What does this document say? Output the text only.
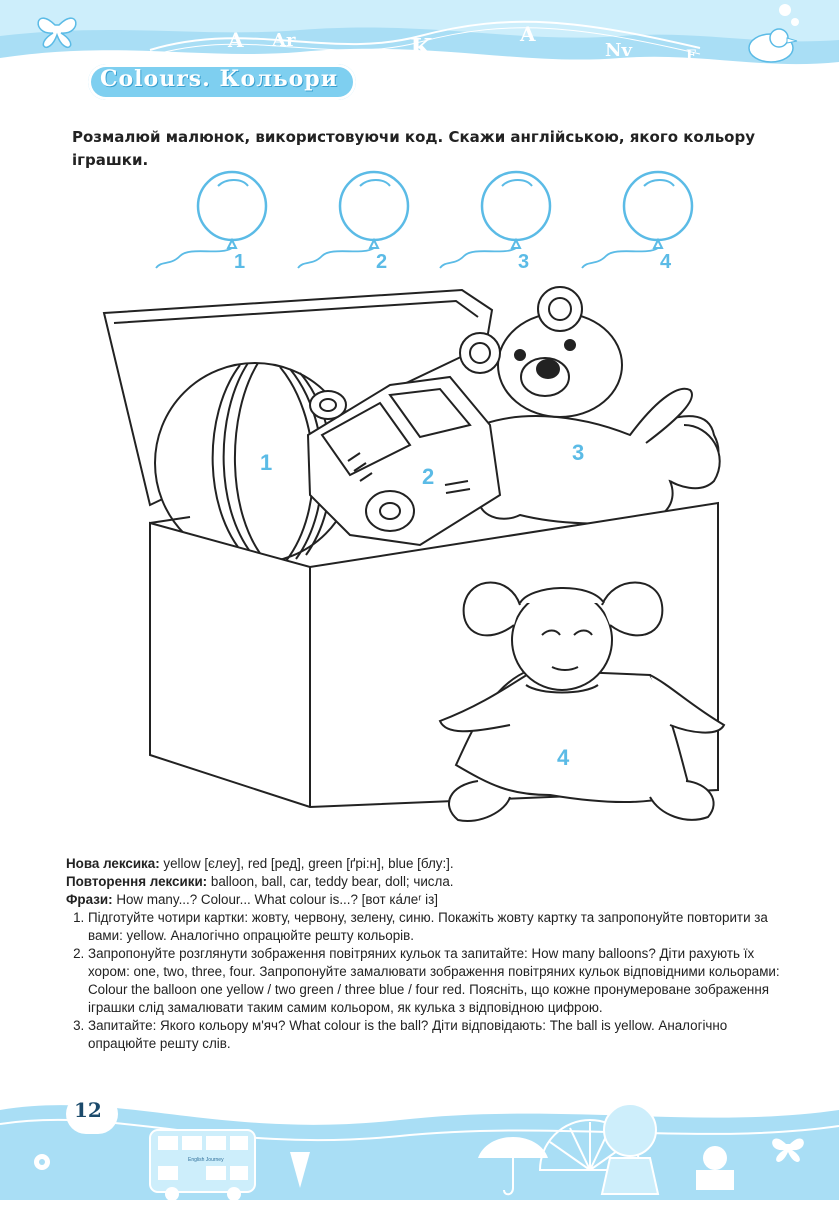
A Ar	K	A
Nv	F
Colours. Кольори
Розмалюй малюнок, використовуючи код. Скажи англійською, якого кольору іграшки.
1	2	3	4
1
2
3
4

Нова лексика: yellow [єлеу], red [ред], green [ґрі:н], blue [блу:].

Повторення лексики: balloon, ball, car, teddy bear, doll; числа.

Фрази: How many...? Colour... What colour is...? [вот ка́леʳ із]

1. Підготуйте чотири картки: жовту, червону, зелену, синю. Покажіть жовту картку та запропонуйте повторити за вами: yellow. Аналогічно опрацюйте решту кольорів.
2. Запропонуйте розглянути зображення повітряних кульок та запитайте: How many balloons? Діти рахують їх хором: one, two, three, four. Запропонуйте замалювати зображення повітряних кульок відповідними кольорами: Colour the balloon one yellow / two green / three blue / four red. Поясніть, що кожне пронумероване зображення іграшки слід замалювати таким самим кольором, як кулька з відповідною цифрою.
3. Запитайте: Якого кольору м'яч? What colour is the ball? Діти відповідають: The ball is yellow. Аналогічно опрацюйте решту слів.
English Journey
12
